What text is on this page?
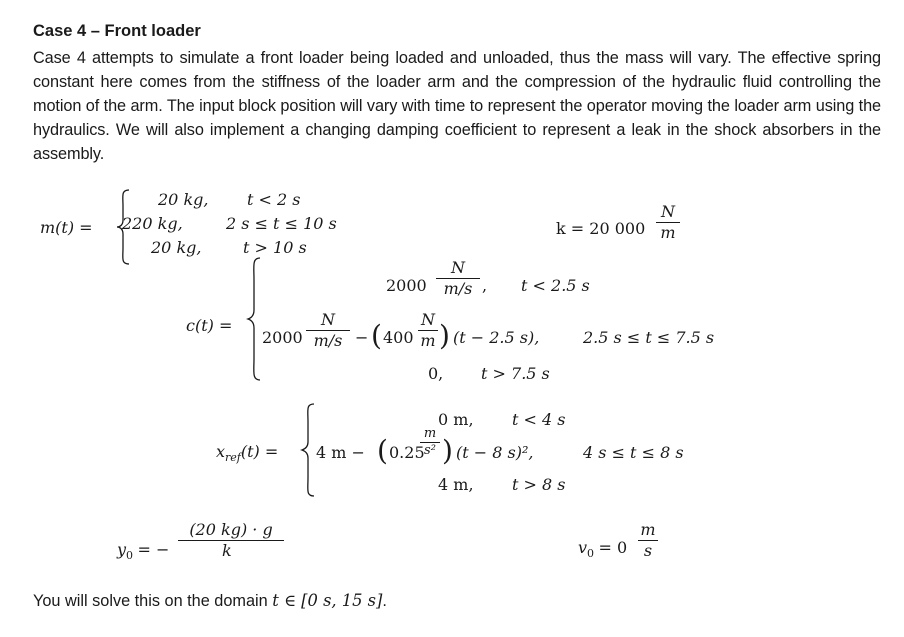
Case 4 – Front loader

Case 4 attempts to simulate a front loader being loaded and unloaded, thus the mass will vary. The effective spring constant here comes from the stiffness of the loader arm and the compression of the hydraulic fluid controlling the motion of the arm. The input block position will vary with time to represent the operator moving the loader arm using the hydraulics. We will also implement a changing damping coefficient to represent a leak in the shock absorbers in the assembly.

m(t) =
20 kg, t < 2 s
220 kg,	2 s ≤ t ≤ 10 s
20 kg,	t > 10 s
k = 20 $000 \frac{N}{m}$
c(t) =
$2000 \frac{N}{m/s}$ , t < 2.5 s
$2000 \frac{N}{m/s}$ − ( $400 \frac{N}{m}$ ) (t − 2.5 s),	2.5 s ≤ t ≤ 7.5 s
0, t > 7.5 s
$x_{ref}(t)$ =
0 m, t < 4 s
4 m − ( 0.25
$\frac{m}{\text{s²}}$ ) (t − 8 s)²,	4 s ≤ t ≤ 8 s
4 m, t > 8 s
$y_0$ = − $\frac{(20 kg) \cdot g}{k}$	$v_0 = 0 \frac{m}{s}$
You will solve this on the domain t ∈ [0 s, 15 s].
